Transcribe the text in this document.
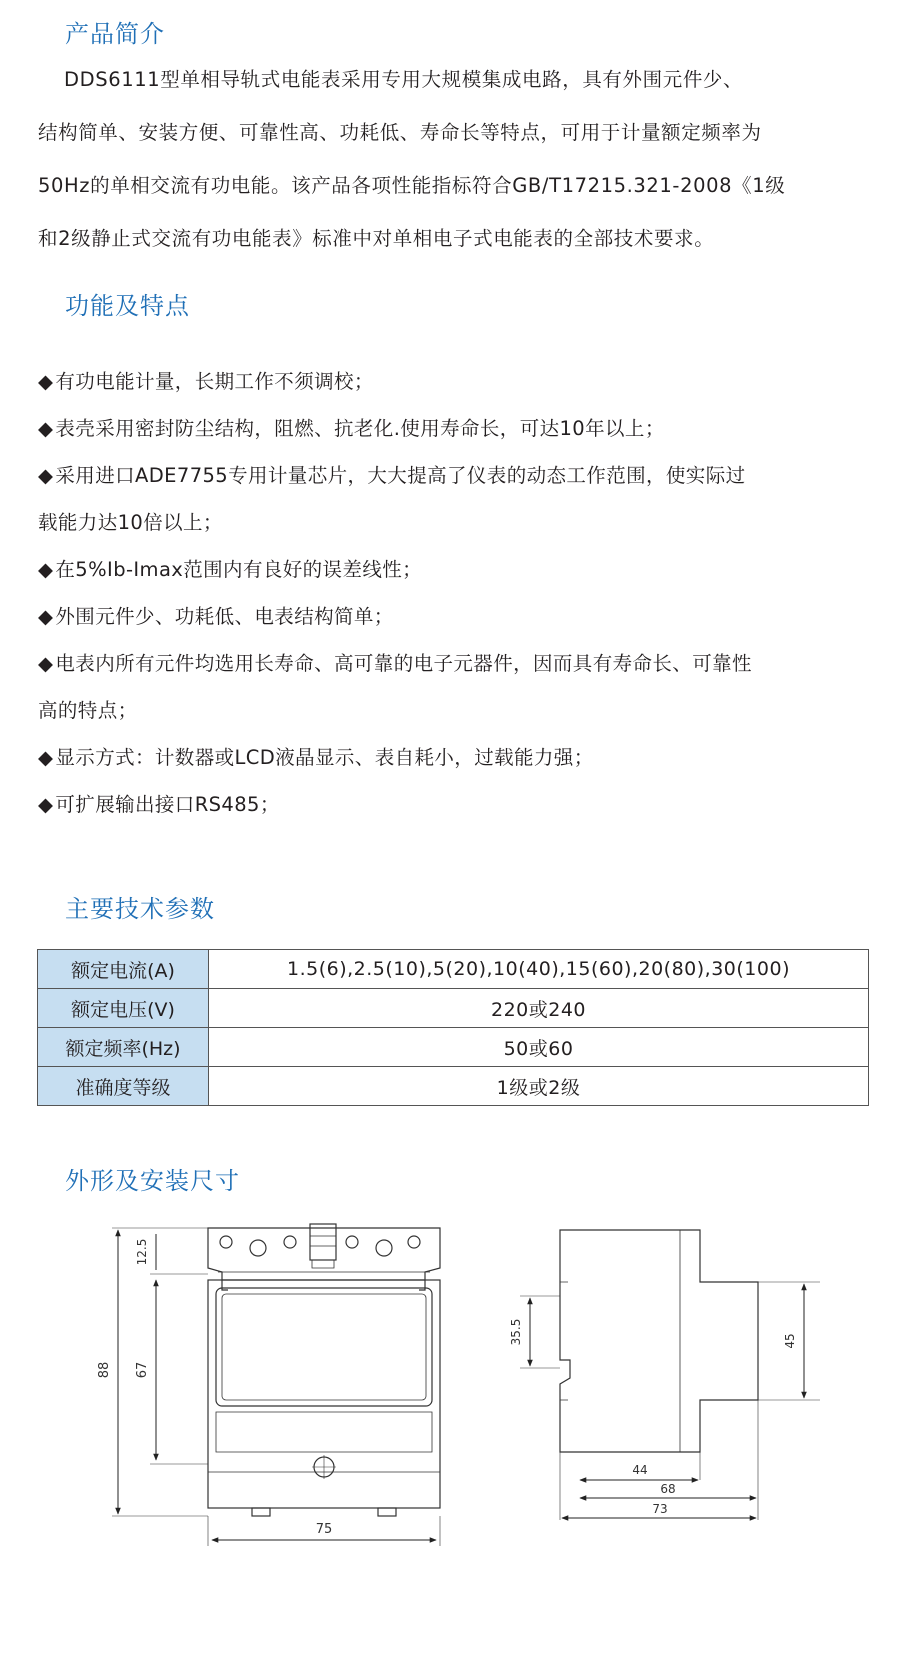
产品简介

DDS6111型单相导轨式电能表采用专用大规模集成电路，具有外围元件少、
结构简单、安装方便、可靠性高、功耗低、寿命长等特点，可用于计量额定频率为
50Hz的单相交流有功电能。该产品各项性能指标符合GB/T17215.321-2008《1级
和2级静止式交流有功电能表》标准中对单相电子式电能表的全部技术要求。

功能及特点
◆ 有功电能计量，长期工作不须调校；
◆ 表壳采用密封防尘结构，阻燃、抗老化.使用寿命长，可达10年以上；
◆ 采用进口ADE7755专用计量芯片，大大提高了仪表的动态工作范围，使实际过
载能力达10倍以上；
◆ 在5%Ib-Imax范围内有良好的误差线性；
◆ 外围元件少、功耗低、电表结构简单；
◆ 电表内所有元件均选用长寿命、高可靠的电子元器件，因而具有寿命长、可靠性
高的特点；
◆ 显示方式：计数器或LCD液晶显示、表自耗小，过载能力强；
◆ 可扩展输出接口RS485；
主要技术参数
额定电流(A)	1.5(6),2.5(10),5(20),10(40),15(60),20(80),30(100)
额定电压(V)	220或240
额定频率(Hz)	50或60
准确度等级	1级或2级
外形及安装尺寸
88
12.5
67
75
35.5	45
44
68
73
